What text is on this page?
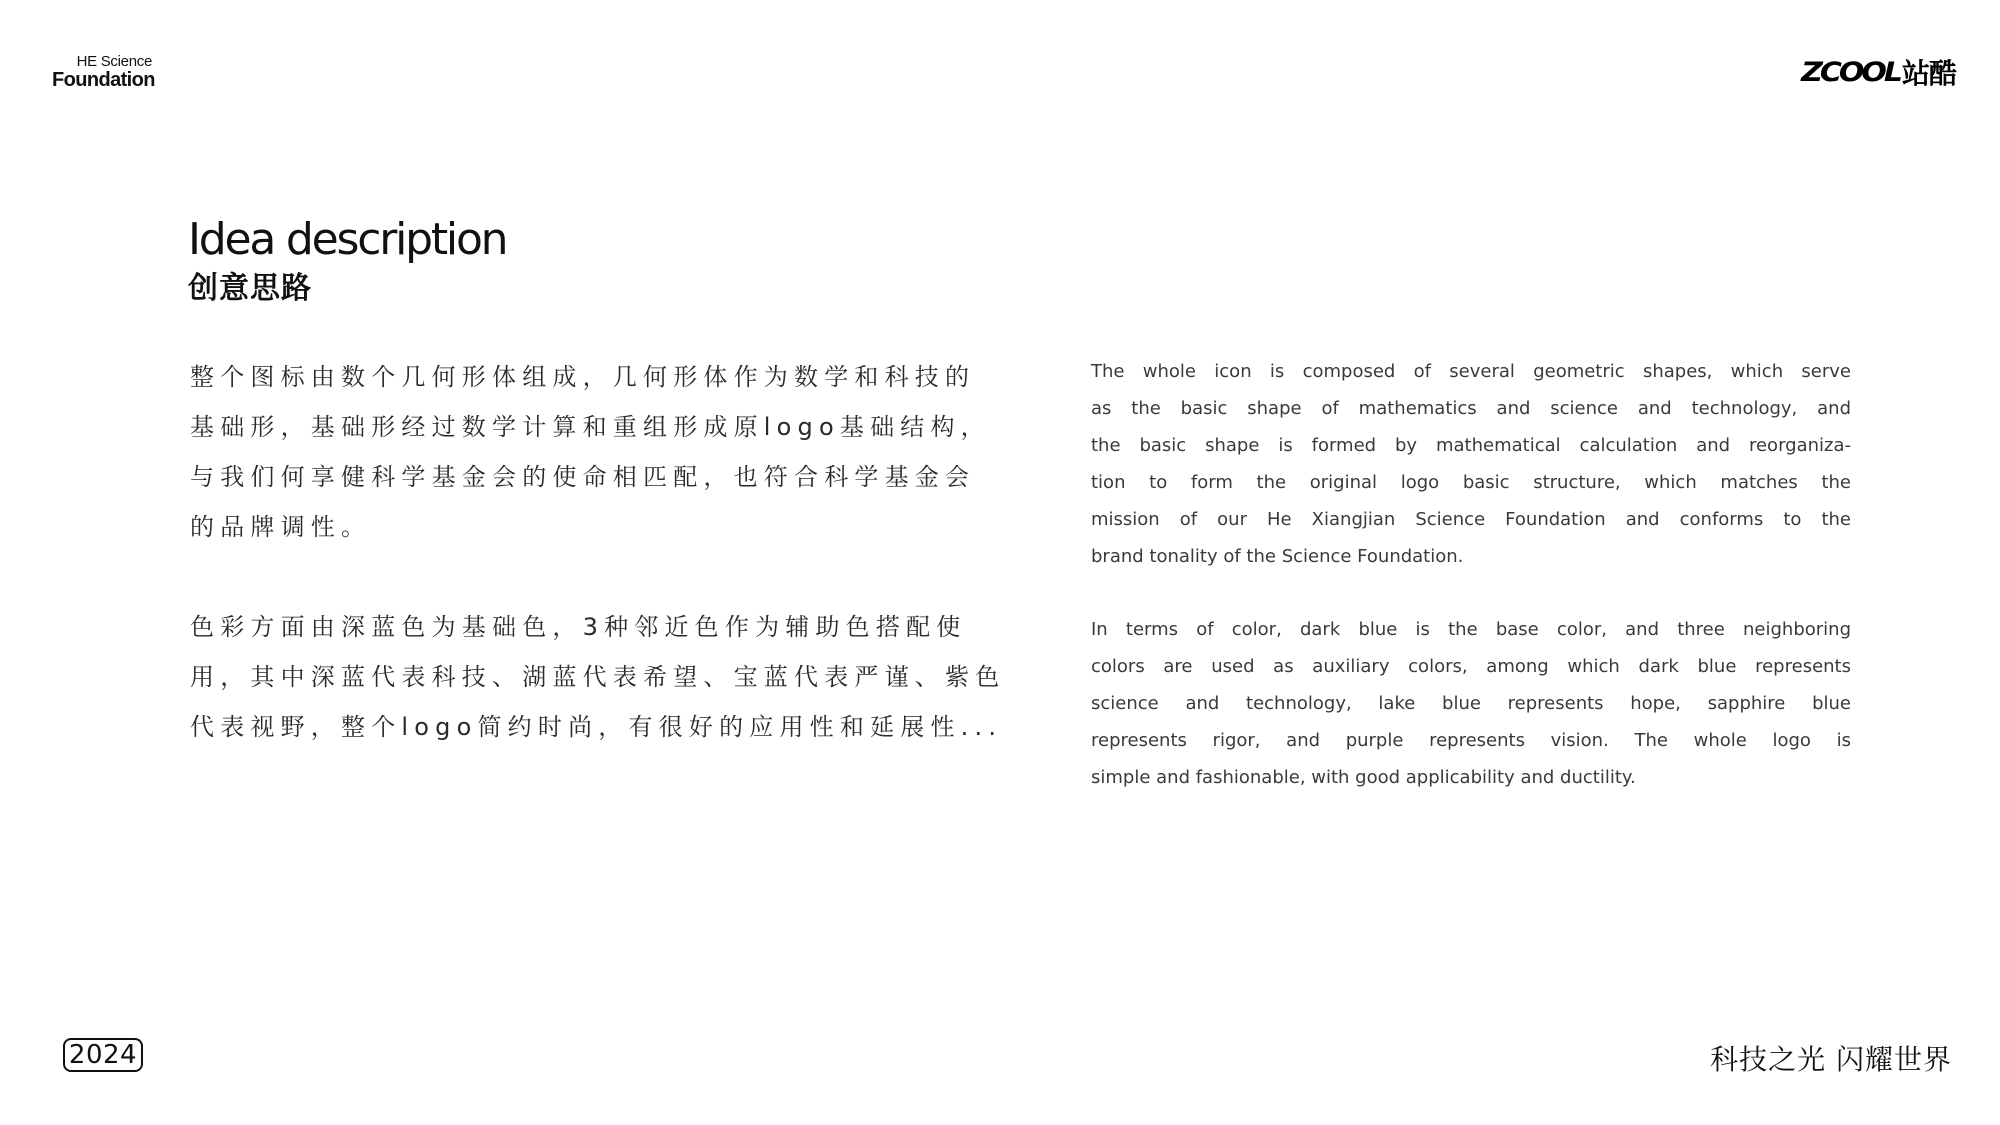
HE Science
Foundation	ZCOOL 站酷
Idea description
创意思路
整个图标由数个几何形体组成，几何形体作为数学和科技的
基础形，基础形经过数学计算和重组形成原logo基础结构，
与我们何享健科学基金会的使命相匹配，也符合科学基金会
的品牌调性。
色彩方面由深蓝色为基础色，3种邻近色作为辅助色搭配使
用，其中深蓝代表科技、湖蓝代表希望、宝蓝代表严谨、紫色
代表视野，整个logo简约时尚，有很好的应用性和延展性...
The whole icon is composed of several geometric shapes, which serve
as the basic shape of mathematics and science and technology, and
the basic shape is formed by mathematical calculation and reorganiza-
tion to form the original logo basic structure, which matches the
mission of our He Xiangjian Science Foundation and conforms to the
brand tonality of the Science Foundation.
In terms of color, dark blue is the base color, and three neighboring
colors are used as auxiliary colors, among which dark blue represents
science and technology, lake blue represents hope, sapphire blue
represents rigor, and purple represents vision. The whole logo is
simple and fashionable, with good applicability and ductility.
2024	科技之光 闪耀世界
